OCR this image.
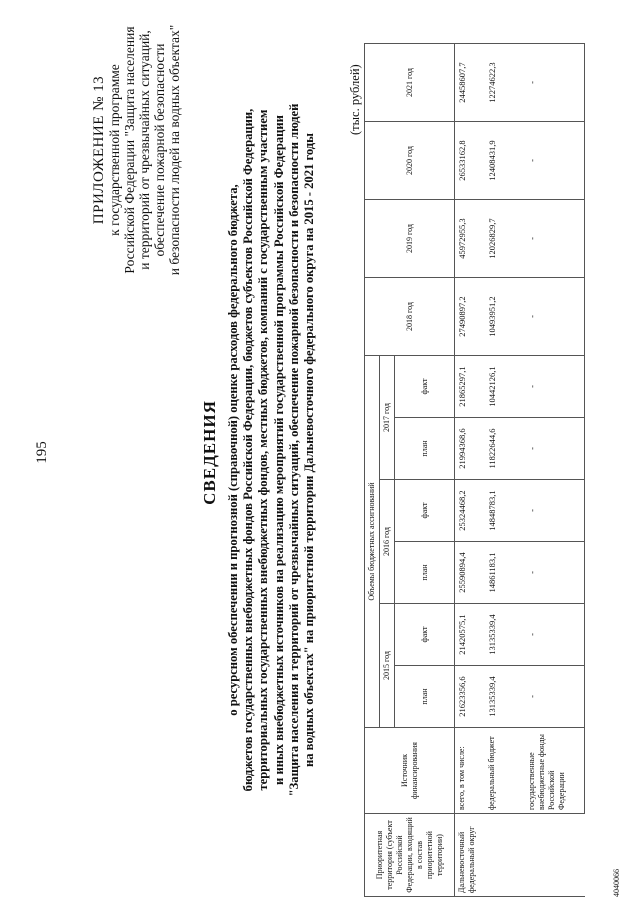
195
ПРИЛОЖЕНИЕ № 13 к государственной программе Российской Федерации "Защита населения и территорий от чрезвычайных ситуаций, обеспечение пожарной безопасности и безопасности людей на водных объектах"
СВЕДЕНИЯ о ресурсном обеспечении и прогнозной (справочной) оценке расходов федерального бюджета, бюджетов государственных внебюджетных фондов Российской Федерации, бюджетов субъектов Российской Федерации, территориальных государственных внебюджетных фондов, местных бюджетов, компаний с государственным участием и иных внебюджетных источников на реализацию мероприятий государственной программы Российской Федерации "Защита населения и территорий от чрезвычайных ситуаций, обеспечение пожарной безопасности и безопасности людей на водных объектах" на приоритетной территории Дальневосточного федерального округа на 2015 - 2021 годы
(тыс. рублей)
Приоритетная территория (субъект Российской Федерации, входящий в состав приоритетной территории)	Источник финансирования	Объемы бюджетных ассигнований						2018 год	2019 год	2020 год	2021 год
		2015 год		2016 год		2017 год					
		план	факт	план	факт	план	факт				
Дальневосточный федеральный округ	всего, в том числе:	21623356,6	21420575,1	25590894,4	25324468,2	21994368,6	21865297,1	27490897,2	45972955,3	26533162,8	24458607,7
	федеральный бюджет	13135339,4	13135339,4	14861183,1	14848783,1	11822644,6	10442126,1	10493951,2	12026829,7	12408431,9	12274622,3
	государственные внебюджетные фонды Российской Федерации	-	-	-	-	-	-	-	-	-	-
4040066
